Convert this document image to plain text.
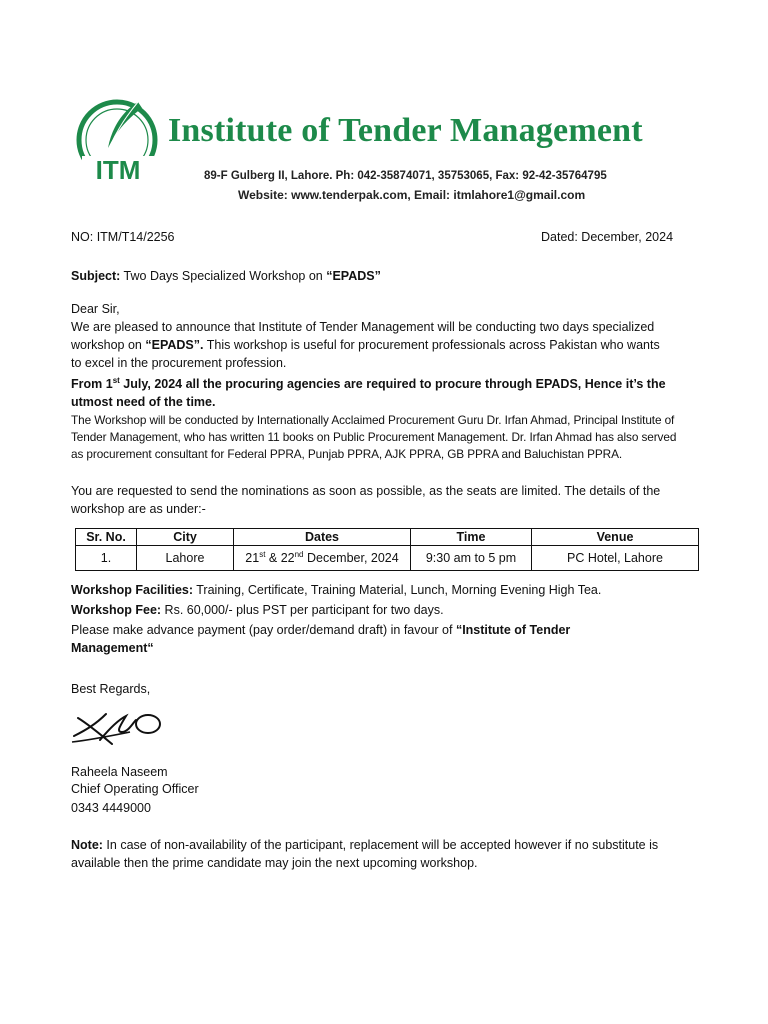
ITM
Institute of Tender Management
89-F Gulberg II, Lahore. Ph: 042-35874071, 35753065, Fax: 92-42-35764795
Website: www.tenderpak.com, Email: itmlahore1@gmail.com
NO: ITM/T14/2256	Dated: December, 2024
Subject: Two Days Specialized Workshop on “EPADS”
Dear Sir,
We are pleased to announce that Institute of Tender Management will be conducting two days specialized workshop on “EPADS”. This workshop is useful for procurement professionals across Pakistan who wants to excel in the procurement profession.
From 1st July, 2024 all the procuring agencies are required to procure through EPADS, Hence it’s the utmost need of the time.
The Workshop will be conducted by Internationally Acclaimed Procurement Guru Dr. Irfan Ahmad, Principal Institute of Tender Management, who has written 11 books on Public Procurement Management. Dr. Irfan Ahmad has also served as procurement consultant for Federal PPRA, Punjab PPRA, AJK PPRA, GB PPRA and Baluchistan PPRA.
You are requested to send the nominations as soon as possible, as the seats are limited. The details of the workshop are as under:-
Sr. No.	City	Dates	Time	Venue
1.	Lahore	21st & 22nd December, 2024	9:30 am to 5 pm	PC Hotel, Lahore
Workshop Facilities: Training, Certificate, Training Material, Lunch, Morning Evening High Tea.
Workshop Fee: Rs. 60,000/- plus PST per participant for two days.
Please make advance payment (pay order/demand draft) in favour of “Institute of Tender Management“
Best Regards,
Raheela Naseem
Chief Operating Officer
0343 4449000
Note: In case of non-availability of the participant, replacement will be accepted however if no substitute is available then the prime candidate may join the next upcoming workshop.
